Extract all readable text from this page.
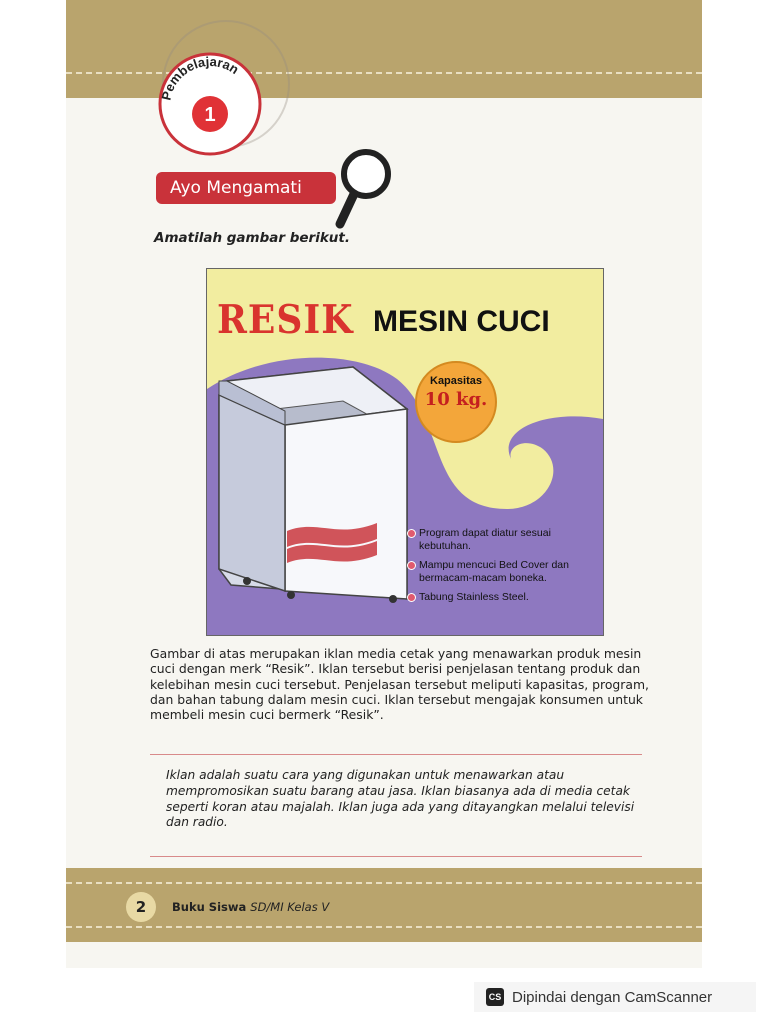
Pembelajaran
1
Ayo Mengamati
Amatilah gambar berikut.
RESIK MESIN CUCI
Kapasitas
10 kg.
Program dapat diatur sesuai kebutuhan.
Mampu mencuci Bed Cover dan bermacam-macam boneka.
Tabung Stainless Steel.
Gambar di atas merupakan iklan media cetak yang menawarkan produk mesin cuci dengan merk “Resik”. Iklan tersebut berisi penjelasan tentang produk dan kelebihan mesin cuci tersebut. Penjelasan tersebut meliputi kapasitas, program, dan bahan tabung dalam mesin cuci. Iklan tersebut mengajak konsumen untuk membeli mesin cuci bermerk “Resik”.
Iklan adalah suatu cara yang digunakan untuk menawarkan atau mempromosikan suatu barang atau jasa. Iklan biasanya ada di media cetak seperti koran atau majalah. Iklan juga ada yang ditayangkan melalui televisi dan radio.
2	Buku Siswa SD/MI Kelas V
CS Dipindai dengan CamScanner
